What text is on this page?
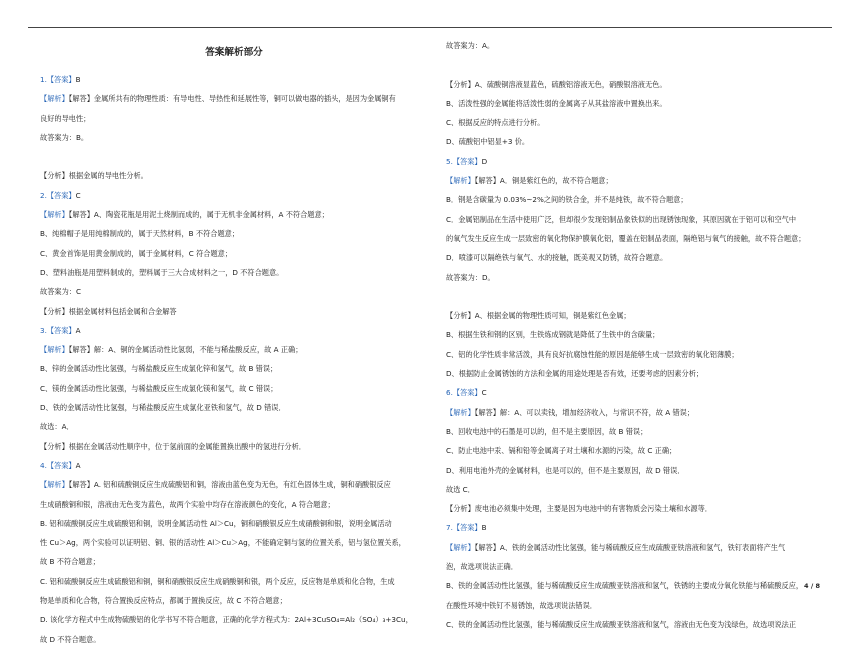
答案解析部分
1.【答案】B
【解析】【解答】金属所共有的物理性质：有导电性、导热性和延展性等，铜可以做电器的插头，是因为金属铜有
良好的导电性；
故答案为：B。
【分析】根据金属的导电性分析。
2.【答案】C
【解析】【解答】A、陶瓷花瓶是用泥土烧制而成的，属于无机非金属材料，A 不符合题意；
B、纯棉帽子是用纯棉制成的，属于天然材料，B 不符合题意；
C、黄金首饰是用黄金制成的，属于金属材料，C 符合题意；
D、塑料油瓶是用塑料制成的，塑料属于三大合成材料之一，D 不符合题意。
故答案为：C
【分析】根据金属材料包括金属和合金解答
3.【答案】A
【解析】【解答】解：A、铜的金属活动性比氢弱，不能与稀盐酸反应，故 A 正确；
B、锌的金属活动性比氢强，与稀盐酸反应生成氯化锌和氢气，故 B 错误；
C、镁的金属活动性比氢强，与稀盐酸反应生成氯化镁和氢气，故 C 错误；
D、铁的金属活动性比氢强，与稀盐酸反应生成氯化亚铁和氢气，故 D 错误．
故选：A．
【分析】根据在金属活动性顺序中，位于氢前面的金属能置换出酸中的氢进行分析．
4.【答案】A
【解析】【解答】A. 铝和硫酸铜反应生成硫酸铝和铜，溶液由蓝色变为无色，有红色固体生成，铜和硝酸银反应
生成硝酸铜和银，溶液由无色变为蓝色，故两个实验中均存在溶液颜色的变化，A 符合题意；
B. 铝和硫酸铜反应生成硫酸铝和铜，说明金属活动性 Al＞Cu，铜和硝酸银反应生成硝酸铜和银，说明金属活动
性 Cu＞Ag，两个实验可以证明铝、铜、银的活动性 Al＞Cu＞Ag，不能确定铜与氢的位置关系，铝与氢位置关系，
故 B 不符合题意；
C. 铝和硫酸铜反应生成硫酸铝和铜，铜和硝酸银反应生成硝酸铜和银，两个反应，反应物是单质和化合物，生成
物是单质和化合物，符合置换反应特点，都属于置换反应，故 C 不符合题意；
D. 该化学方程式中生成物硫酸铝的化学书写不符合题意，正确的化学方程式为：2Al+3CuSO₄=Al₂（SO₄）₃+3Cu，
故 D 不符合题意。
故答案为：A。
【分析】A、硫酸铜溶液显蓝色，硫酸铝溶液无色，硝酸银溶液无色。
B、活泼性强的金属能将活泼性弱的金属离子从其盐溶液中置换出来。
C、根据反应的特点进行分析。
D、硫酸铝中铝显+3 价。
5.【答案】D
【解析】【解答】A．铜是紫红色的，故不符合题意；
B．钢是含碳量为 0.03%~2%之间的铁合金，并不是纯铁，故不符合题意；
C．金属铝制品在生活中使用广泛，但却很少发现铝制品象铁似的出现锈蚀现象，其原因就在于铝可以和空气中
的氧气发生反应生成一层致密的氧化物保护膜氧化铝，覆盖在铝制品表面，隔绝铝与氧气的接触，故不符合题意；
D．喷漆可以隔绝铁与氧气、水的接触，既美观又防锈，故符合题意。
故答案为：D。
【分析】A、根据金属的物理性质可知，铜是紫红色金属；
B、根据生铁和钢的区别，生铁炼成钢就是降低了生铁中的含碳量；
C、铝的化学性质非常活泼，具有良好抗腐蚀性能的原因是能够生成一层致密的氧化铝薄膜；
D、根据防止金属锈蚀的方法和金属的用途处理是否有效，还要考虑的因素分析；
6.【答案】C
【解析】【解答】解：A、可以卖钱，增加经济收入，与常识不符，故 A 错误；
B、回收电池中的石墨是可以的，但不是主要原因，故 B 错误；
C、防止电池中汞、镉和铅等金属离子对土壤和水源的污染，故 C 正确；
D、利用电池外壳的金属材料，也是可以的，但不是主要原因，故 D 错误．
故选 C．
【分析】废电池必须集中处理，主要是因为电池中的有害物质会污染土壤和水源等．
7.【答案】B
【解析】【解答】A、铁的金属活动性比氢强，能与稀硫酸反应生成硫酸亚铁溶液和氢气，铁钉表面将产生气
泡，故选项说法正确．
B、铁的金属活动性比氢强，能与稀硫酸反应生成硫酸亚铁溶液和氢气，铁锈的主要成分氧化铁能与稀硫酸反应，
在酸性环境中铁钉不易锈蚀，故选项说法错误．
C、铁的金属活动性比氢强，能与稀硫酸反应生成硫酸亚铁溶液和氢气，溶液由无色变为浅绿色，故选项说法正
4 / 8
